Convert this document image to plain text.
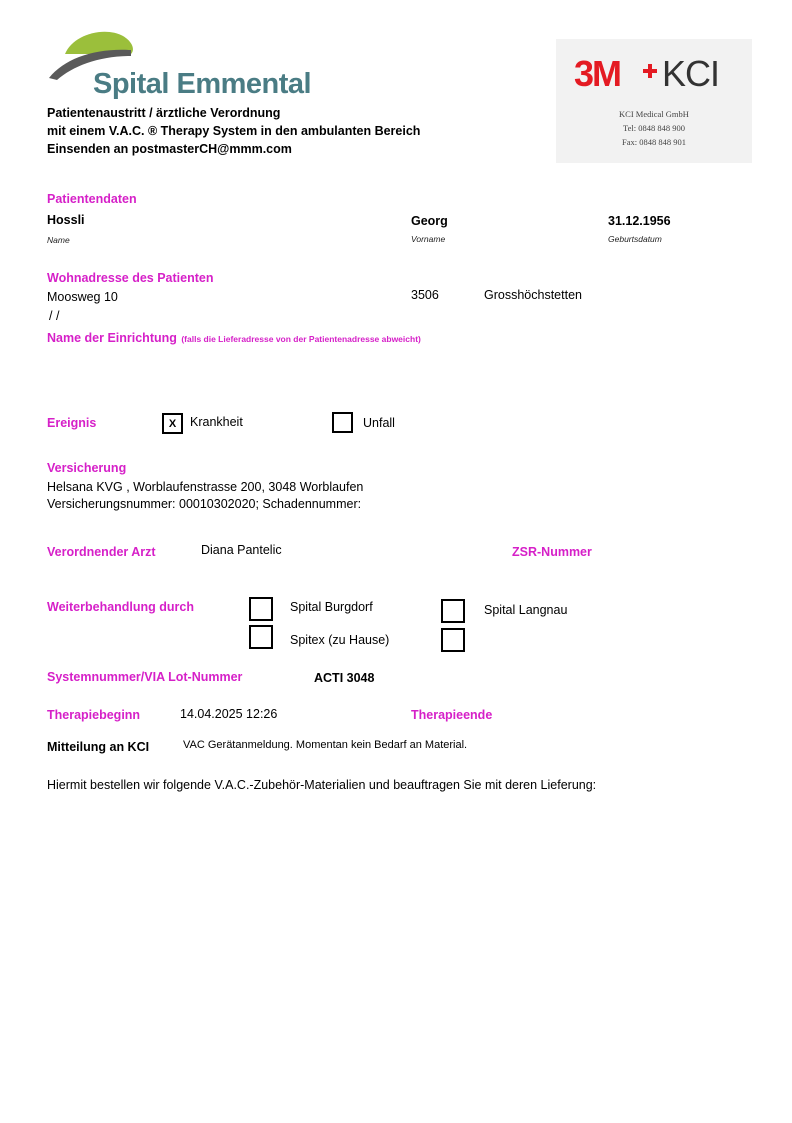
Spital Emmental
Patientenaustritt / ärztliche Verordnung
mit einem V.A.C. ® Therapy System in den ambulanten Bereich
Einsenden an postmasterCH@mmm.com
3M KCI
KCI Medical GmbH
Tel: 0848 848 900
Fax: 0848 848 901
Patientendaten
Hossli	Georg	31.12.1956
Name	Vorname	Geburtsdatum
Wohnadresse des Patienten
Moosweg 10	3506	Grosshöchstetten
/ /
Name der Einrichtung (falls die Lieferadresse von der Patientenadresse abweicht)
Ereignis	X	Krankheit	Unfall
Versicherung
Helsana KVG , Worblaufenstrasse 200, 3048 Worblaufen
Versicherungsnummer: 00010302020; Schadennummer:
Verordnender Arzt	Diana Pantelic	ZSR-Nummer
Weiterbehandlung durch	Spital Burgdorf	Spital Langnau
Spitex (zu Hause)
Systemnummer/VIA Lot-Nummer	ACTI 3048
Therapiebeginn	14.04.2025 12:26	Therapieende
Mitteilung an KCI	VAC Gerätanmeldung. Momentan kein Bedarf an Material.
Hiermit bestellen wir folgende V.A.C.-Zubehör-Materialien und beauftragen Sie mit deren Lieferung:
